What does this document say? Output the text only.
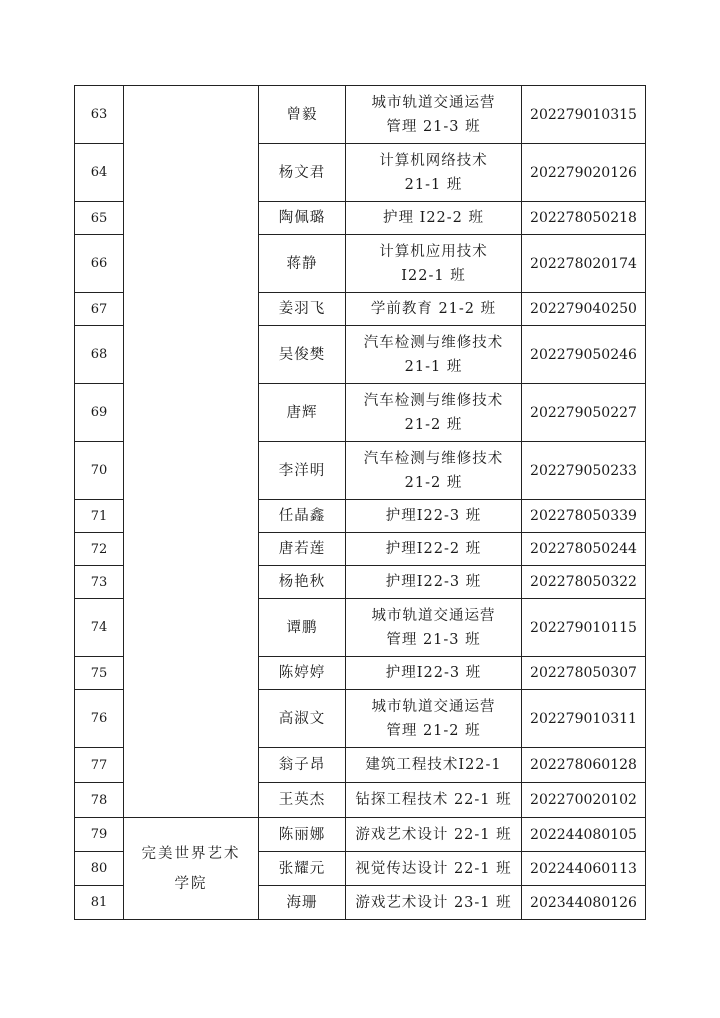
63		曾毅	城市轨道交通运营
管理 21-3 班	202279010315
64		杨文君	计算机网络技术
21-1 班	202279020126
65		陶佩璐	护理 I22-2 班	202278050218
66		蒋静	计算机应用技术
Ⅰ22-1 班	202278020174
67		姜羽飞	学前教育 21-2 班	202279040250
68		吴俊樊	汽车检测与维修技术
21-1 班	202279050246
69		唐辉	汽车检测与维修技术
21-2 班	202279050227
70		李洋明	汽车检测与维修技术
21-2 班	202279050233
71		任晶鑫	护理Ⅰ22-3 班	202278050339
72		唐若莲	护理Ⅰ22-2 班	202278050244
73		杨艳秋	护理Ⅰ22-3 班	202278050322
74		谭鹏	城市轨道交通运营
管理 21-3 班	202279010115
75		陈婷婷	护理Ⅰ22-3 班	202278050307
76		高淑文	城市轨道交通运营
管理 21-2 班	202279010311
77		翁子昂	建筑工程技术Ⅰ22-1	202278060128
78		王英杰	钻探工程技术 22-1 班	202270020102
79	完美世界艺术
学院	陈丽娜	游戏艺术设计 22-1 班	202244080105
80		张耀元	视觉传达设计 22-1 班	202244060113
81		海珊	游戏艺术设计 23-1 班	202344080126
